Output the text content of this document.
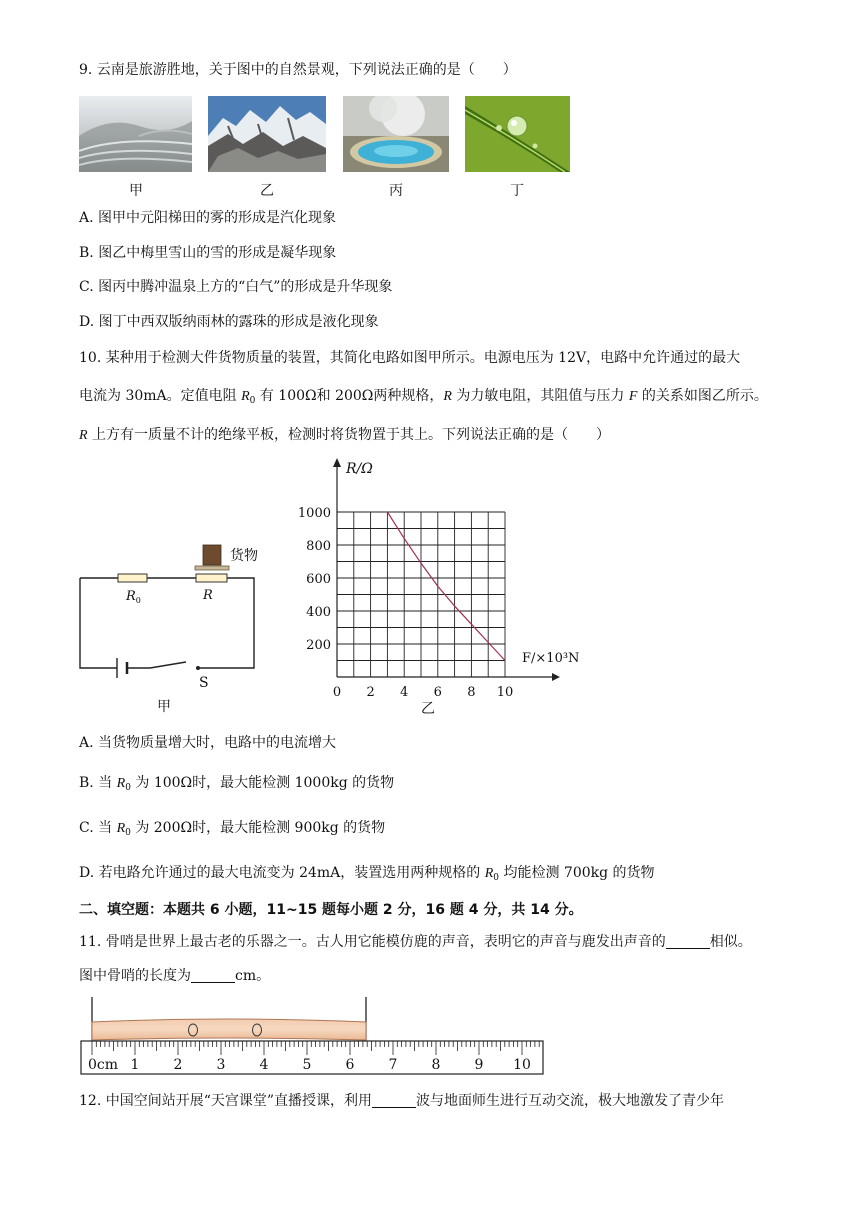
9. 云南是旅游胜地，关于图中的自然景观，下列说法正确的是（　　）
甲	乙	丙	丁
A. 图甲中元阳梯田的雾的形成是汽化现象
B. 图乙中梅里雪山的雪的形成是凝华现象
C. 图丙中腾冲温泉上方的“白气”的形成是升华现象
D. 图丁中西双版纳雨林的露珠的形成是液化现象
10. 某种用于检测大件货物质量的装置，其简化电路如图甲所示。电源电压为 12V，电路中允许通过的最大
电流为 30mA。定值电阻 $R_0$ 有 100Ω和 200Ω两种规格，R 为力敏电阻，其阻值与压力 F 的关系如图乙所示。
R 上方有一质量不计的绝缘平板，检测时将货物置于其上。下列说法正确的是（　　）
货物
$R_0$	R
S
甲
0 2 4 6 8 10
200
400
600
800
1000
R/Ω
F/×10³N
乙
A. 当货物质量增大时，电路中的电流增大
B. 当 $R_0$ 为 100Ω时，最大能检测 1000kg 的货物
C. 当 $R_0$ 为 200Ω时，最大能检测 900kg 的货物
D. 若电路允许通过的最大电流变为 24mA，装置选用两种规格的 $R_0$ 均能检测 700kg 的货物
二、填空题：本题共 6 小题，11~15 题每小题 2 分，16 题 4 分，共 14 分。
11. 骨哨是世界上最古老的乐器之一。古人用它能模仿鹿的声音，表明它的声音与鹿发出声音的	相似。
图中骨哨的长度为	cm。
0cm 1 2 3 4 5 6 7 8 9 10
12. 中国空间站开展“天宫课堂”直播授课，利用	波与地面师生进行互动交流，极大地激发了青少年
